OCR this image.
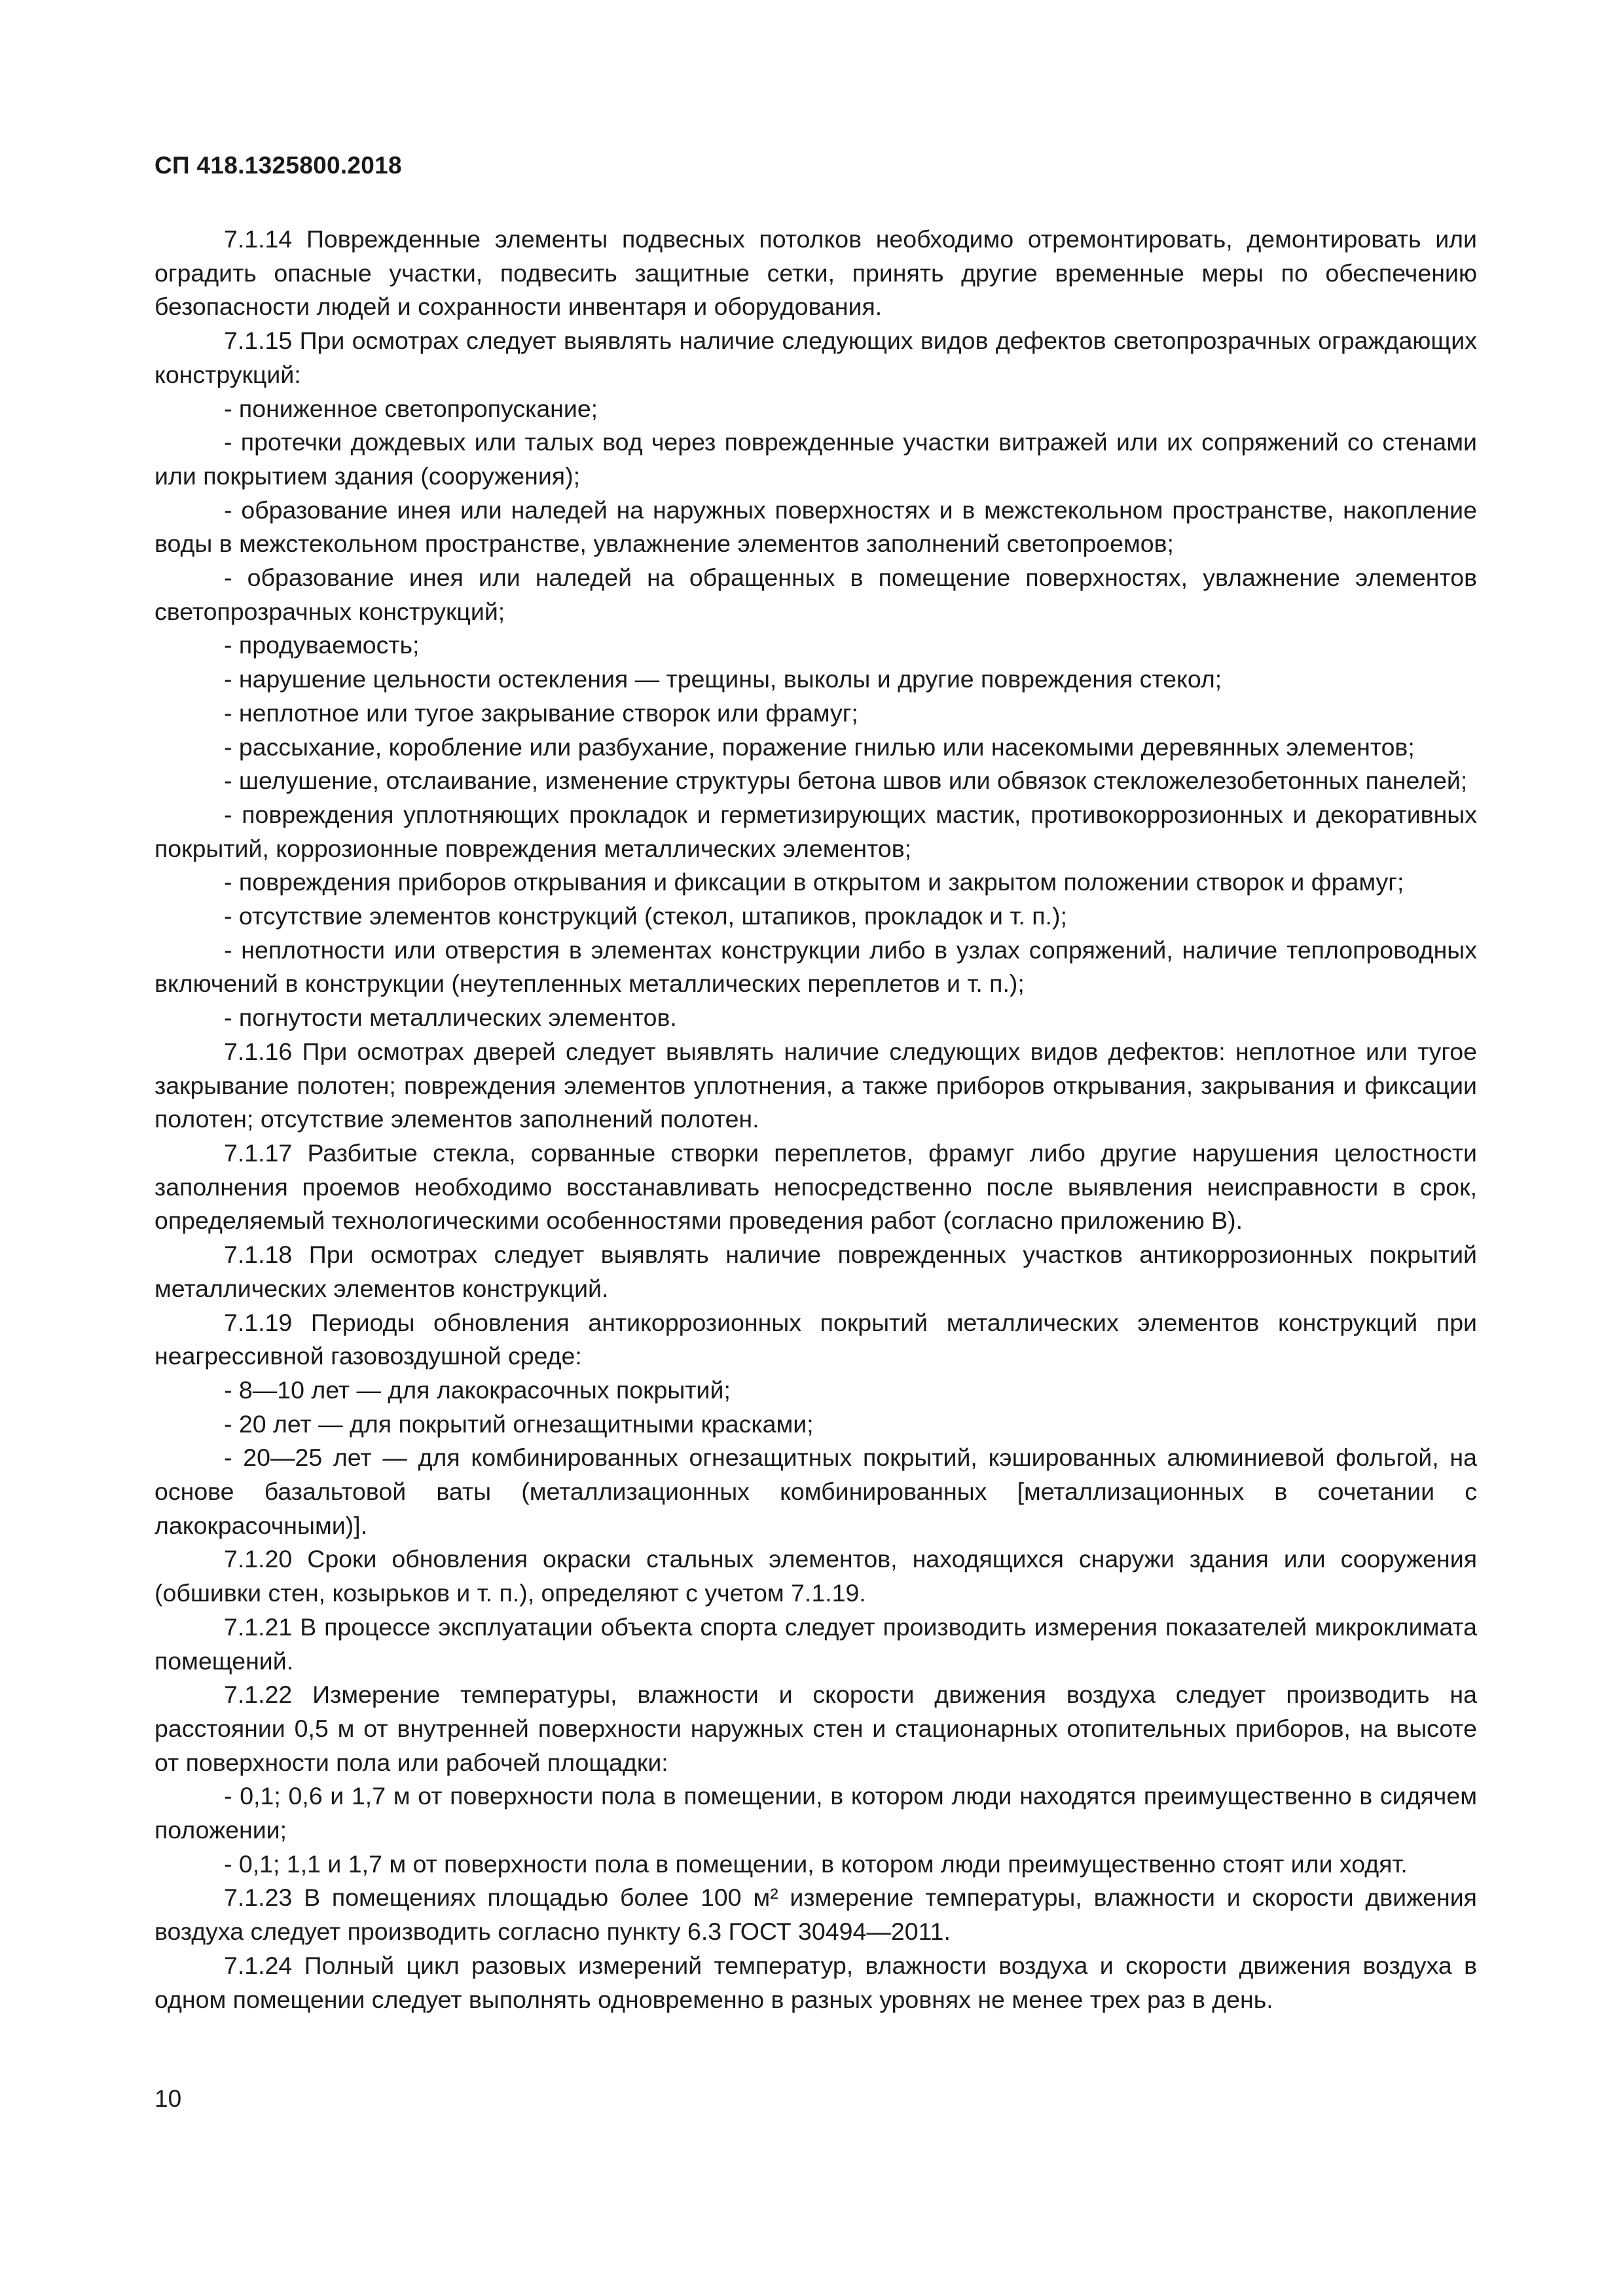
СП 418.1325800.2018

7.1.14 Поврежденные элементы подвесных потолков необходимо отремонтировать, демонтировать или оградить опасные участки, подвесить защитные сетки, принять другие временные меры по обеспечению безопасности людей и сохранности инвентаря и оборудования.

7.1.15 При осмотрах следует выявлять наличие следующих видов дефектов светопрозрачных ограждающих конструкций:

- пониженное светопропускание;

- протечки дождевых или талых вод через поврежденные участки витражей или их сопряжений со стенами или покрытием здания (сооружения);

- образование инея или наледей на наружных поверхностях и в межстекольном пространстве, накопление воды в межстекольном пространстве, увлажнение элементов заполнений светопроемов;

- образование инея или наледей на обращенных в помещение поверхностях, увлажнение элементов светопрозрачных конструкций;

- продуваемость;

- нарушение цельности остекления — трещины, выколы и другие повреждения стекол;

- неплотное или тугое закрывание створок или фрамуг;

- рассыхание, коробление или разбухание, поражение гнилью или насекомыми деревянных элементов;

- шелушение, отслаивание, изменение структуры бетона швов или обвязок стекложелезобетонных панелей;

- повреждения уплотняющих прокладок и герметизирующих мастик, противокоррозионных и декоративных покрытий, коррозионные повреждения металлических элементов;

- повреждения приборов открывания и фиксации в открытом и закрытом положении створок и фрамуг;

- отсутствие элементов конструкций (стекол, штапиков, прокладок и т. п.);

- неплотности или отверстия в элементах конструкции либо в узлах сопряжений, наличие теплопроводных включений в конструкции (неутепленных металлических переплетов и т. п.);

- погнутости металлических элементов.

7.1.16 При осмотрах дверей следует выявлять наличие следующих видов дефектов: неплотное или тугое закрывание полотен; повреждения элементов уплотнения, а также приборов открывания, закрывания и фиксации полотен; отсутствие элементов заполнений полотен.

7.1.17 Разбитые стекла, сорванные створки переплетов, фрамуг либо другие нарушения целостности заполнения проемов необходимо восстанавливать непосредственно после выявления неисправности в срок, определяемый технологическими особенностями проведения работ (согласно приложению В).

7.1.18 При осмотрах следует выявлять наличие поврежденных участков антикоррозионных покрытий металлических элементов конструкций.

7.1.19 Периоды обновления антикоррозионных покрытий металлических элементов конструкций при неагрессивной газовоздушной среде:

- 8—10 лет — для лакокрасочных покрытий;

- 20 лет — для покрытий огнезащитными красками;

- 20—25 лет — для комбинированных огнезащитных покрытий, кэшированных алюминиевой фольгой, на основе базальтовой ваты (металлизационных комбинированных [металлизационных в сочетании с лакокрасочными)].

7.1.20 Сроки обновления окраски стальных элементов, находящихся снаружи здания или сооружения (обшивки стен, козырьков и т. п.), определяют с учетом 7.1.19.

7.1.21 В процессе эксплуатации объекта спорта следует производить измерения показателей микроклимата помещений.

7.1.22 Измерение температуры, влажности и скорости движения воздуха следует производить на расстоянии 0,5 м от внутренней поверхности наружных стен и стационарных отопительных приборов, на высоте от поверхности пола или рабочей площадки:

- 0,1; 0,6 и 1,7 м от поверхности пола в помещении, в котором люди находятся преимущественно в сидячем положении;

- 0,1; 1,1 и 1,7 м от поверхности пола в помещении, в котором люди преимущественно стоят или ходят.

7.1.23 В помещениях площадью более 100 м² измерение температуры, влажности и скорости движения воздуха следует производить согласно пункту 6.3 ГОСТ 30494—2011.

7.1.24 Полный цикл разовых измерений температур, влажности воздуха и скорости движения воздуха в одном помещении следует выполнять одновременно в разных уровнях не менее трех раз в день.

10
